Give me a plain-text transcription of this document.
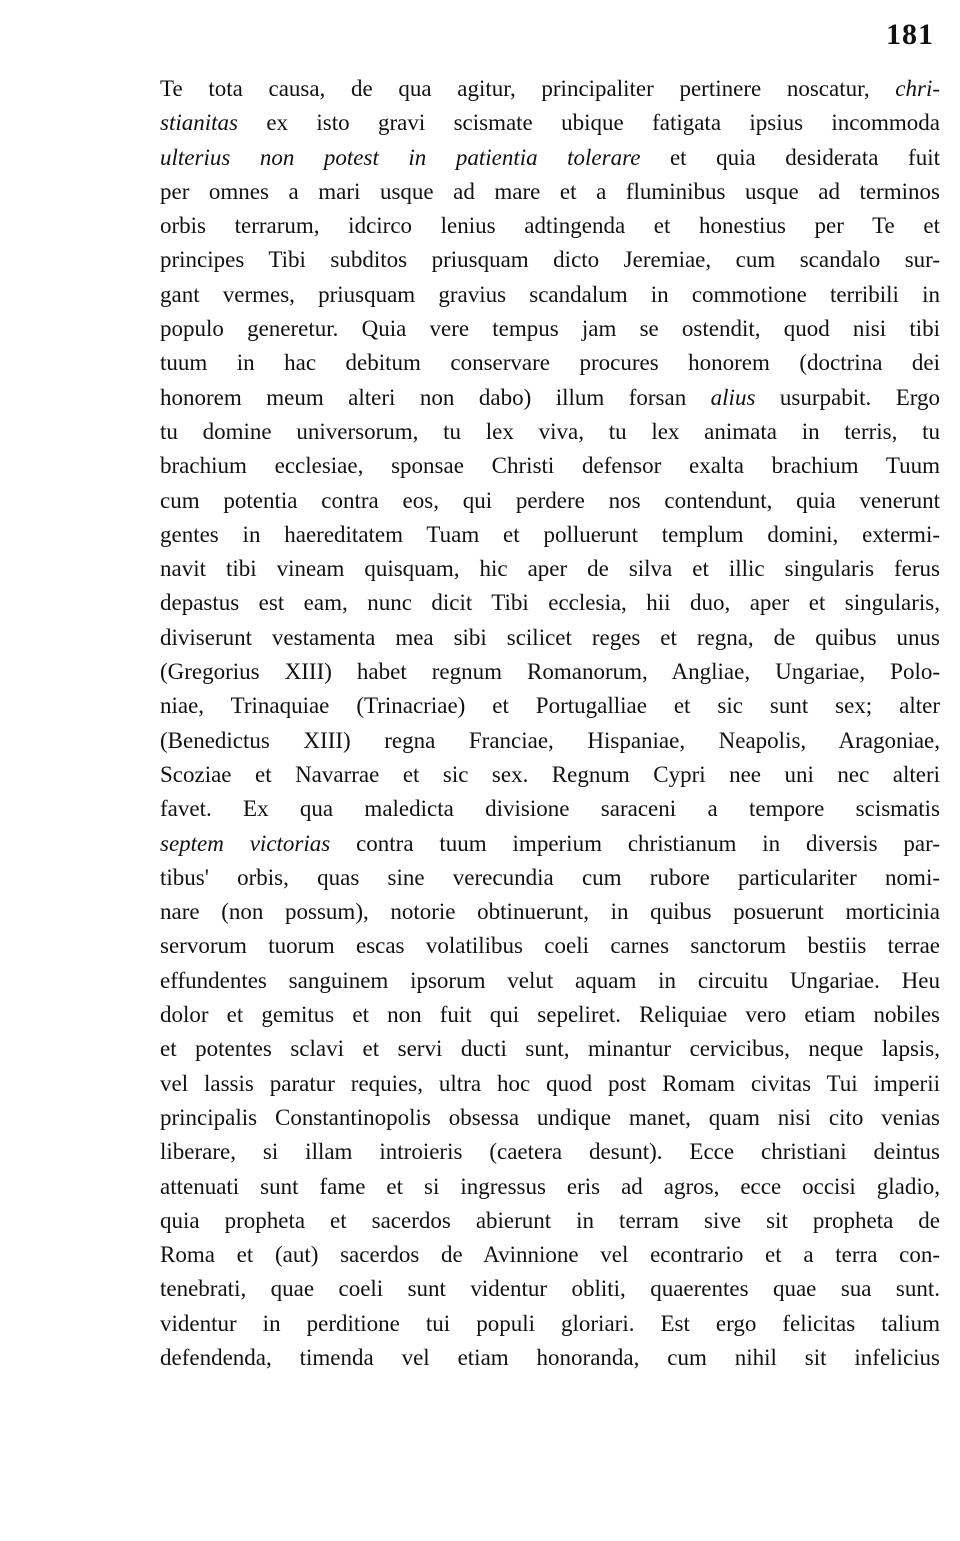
181
Te tota causa, de qua agitur, principaliter pertinere noscatur, chri-
stianitas ex isto gravi scismate ubique fatigata ipsius incommoda
ulterius non potest in patientia tolerare et quia desiderata fuit
per omnes a mari usque ad mare et a fluminibus usque ad terminos
orbis terrarum, idcirco lenius adtingenda et honestius per Te et
principes Tibi subditos priusquam dicto Jeremiae, cum scandalo sur-
gant vermes, priusquam gravius scandalum in commotione terribili in
populo generetur. Quia vere tempus jam se ostendit, quod nisi tibi
tuum in hac debitum conservare procures honorem (doctrina dei
honorem meum alteri non dabo) illum forsan alius usurpabit. Ergo
tu domine universorum, tu lex viva, tu lex animata in terris, tu
brachium ecclesiae, sponsae Christi defensor exalta brachium Tuum
cum potentia contra eos, qui perdere nos contendunt, quia venerunt
gentes in haereditatem Tuam et polluerunt templum domini, extermi-
navit tibi vineam quisquam, hic aper de silva et illic singularis ferus
depastus est eam, nunc dicit Tibi ecclesia, hii duo, aper et singularis,
diviserunt vestamenta mea sibi scilicet reges et regna, de quibus unus
(Gregorius XIII) habet regnum Romanorum, Angliae, Ungariae, Polo-
niae, Trinaquiae (Trinacriae) et Portugalliae et sic sunt sex; alter
(Benedictus XIII) regna Franciae, Hispaniae, Neapolis, Aragoniae,
Scoziae et Navarrae et sic sex. Regnum Cypri nee uni nec alteri
favet. Ex qua maledicta divisione saraceni a tempore scismatis
septem victorias contra tuum imperium christianum in diversis par-
tibus' orbis, quas sine verecundia cum rubore particulariter nomi-
nare (non possum), notorie obtinuerunt, in quibus posuerunt morticinia
servorum tuorum escas volatilibus coeli carnes sanctorum bestiis terrae
effundentes sanguinem ipsorum velut aquam in circuitu Ungariae. Heu
dolor et gemitus et non fuit qui sepeliret. Reliquiae vero etiam nobiles
et potentes sclavi et servi ducti sunt, minantur cervicibus, neque lapsis,
vel lassis paratur requies, ultra hoc quod post Romam civitas Tui imperii
principalis Constantinopolis obsessa undique manet, quam nisi cito venias
liberare, si illam introieris (caetera desunt). Ecce christiani deintus
attenuati sunt fame et si ingressus eris ad agros, ecce occisi gladio,
quia propheta et sacerdos abierunt in terram sive sit propheta de
Roma et (aut) sacerdos de Avinnione vel econtrario et a terra con-
tenebrati, quae coeli sunt videntur obliti, quaerentes quae sua sunt.
videntur in perditione tui populi gloriari. Est ergo felicitas talium
defendenda, timenda vel etiam honoranda, cum nihil sit infelicius
